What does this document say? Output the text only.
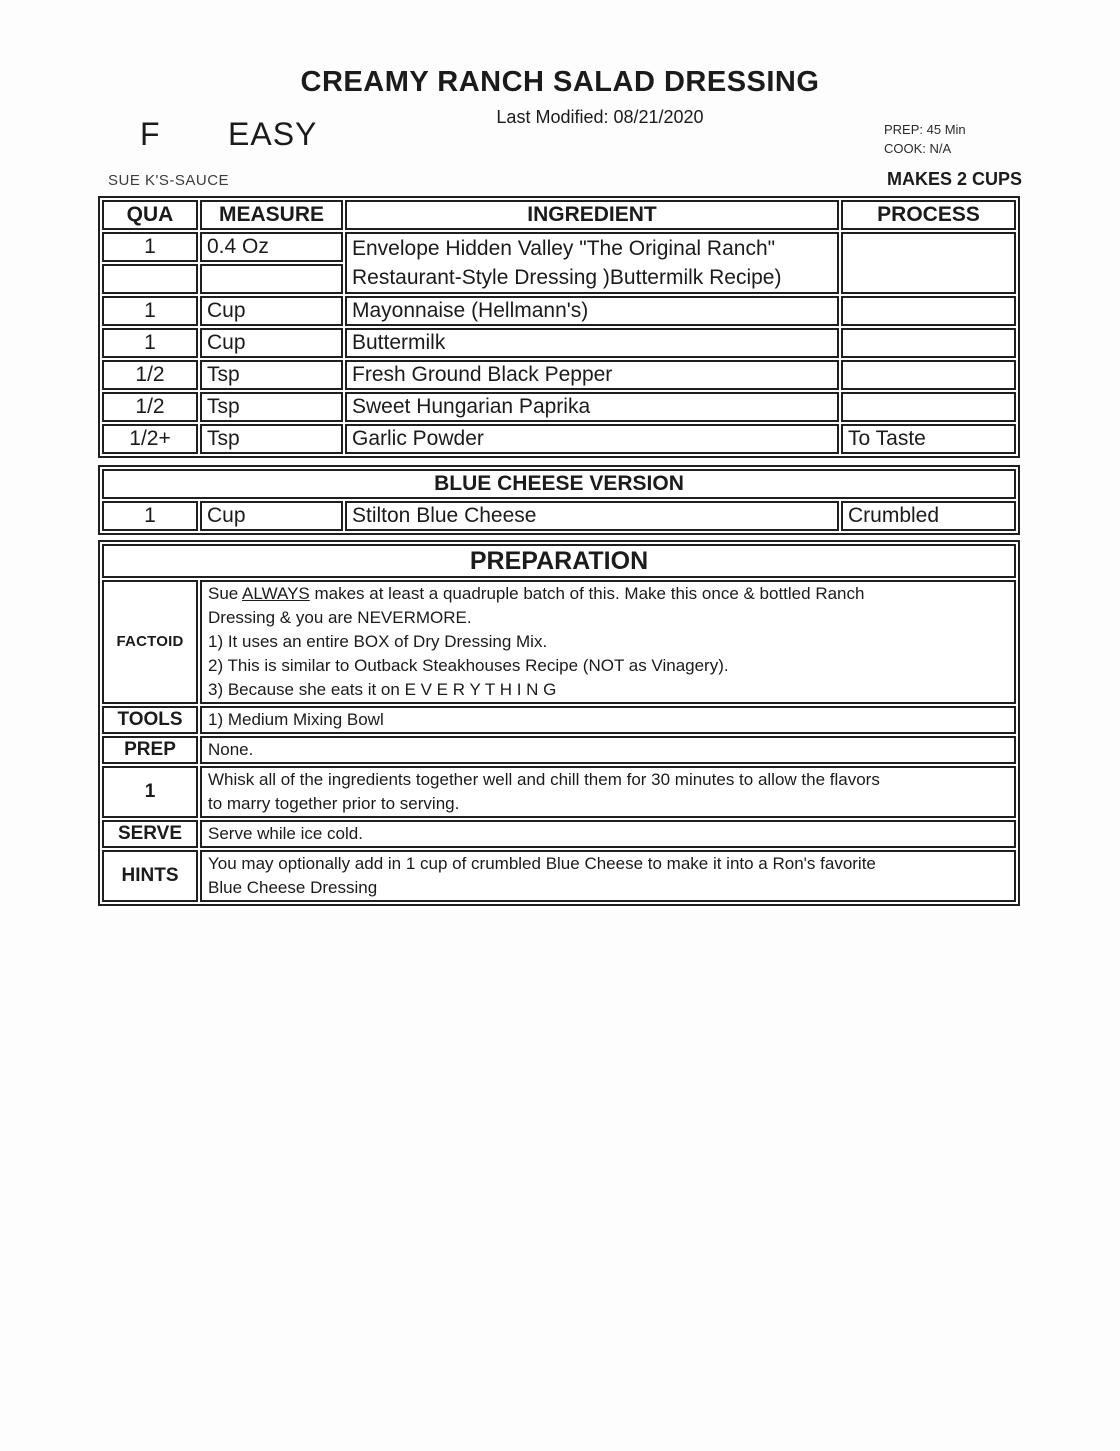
CREAMY RANCH SALAD DRESSING
Last Modified: 08/21/2020
F EASY	PREP: 45 Min
COOK: N/A
SUE K'S-SAUCE	MAKES 2 CUPS
QUA	MEASURE	INGREDIENT	PROCESS
1	0.4 Oz	Envelope Hidden Valley "The Original Ranch"
Restaurant-Style Dressing )Buttermilk Recipe)	

1	Cup	Mayonnaise (Hellmann's)	
1	Cup	Buttermilk	
1/2	Tsp	Fresh Ground Black Pepper	
1/2	Tsp	Sweet Hungarian Paprika	
1/2+	Tsp	Garlic Powder	To Taste
BLUE CHEESE VERSION
1	Cup	Stilton Blue Cheese	Crumbled
PREPARATION	
FACTOID	Sue ALWAYS makes at least a quadruple batch of this. Make this once & bottled Ranch
Dressing & you are NEVERMORE.
1) It uses an entire BOX of Dry Dressing Mix.
2) This is similar to Outback Steakhouses Recipe (NOT as Vinagery).
3) Because she eats it on E V E R Y T H I N G

TOOLS	1) Medium Mixing Bowl
PREP	None.
1	Whisk all of the ingredients together well and chill them for 30 minutes to allow the flavors
to marry together prior to serving.

SERVE	Serve while ice cold.
HINTS	You may optionally add in 1 cup of crumbled Blue Cheese to make it into a Ron's favorite
Blue Cheese Dressing
